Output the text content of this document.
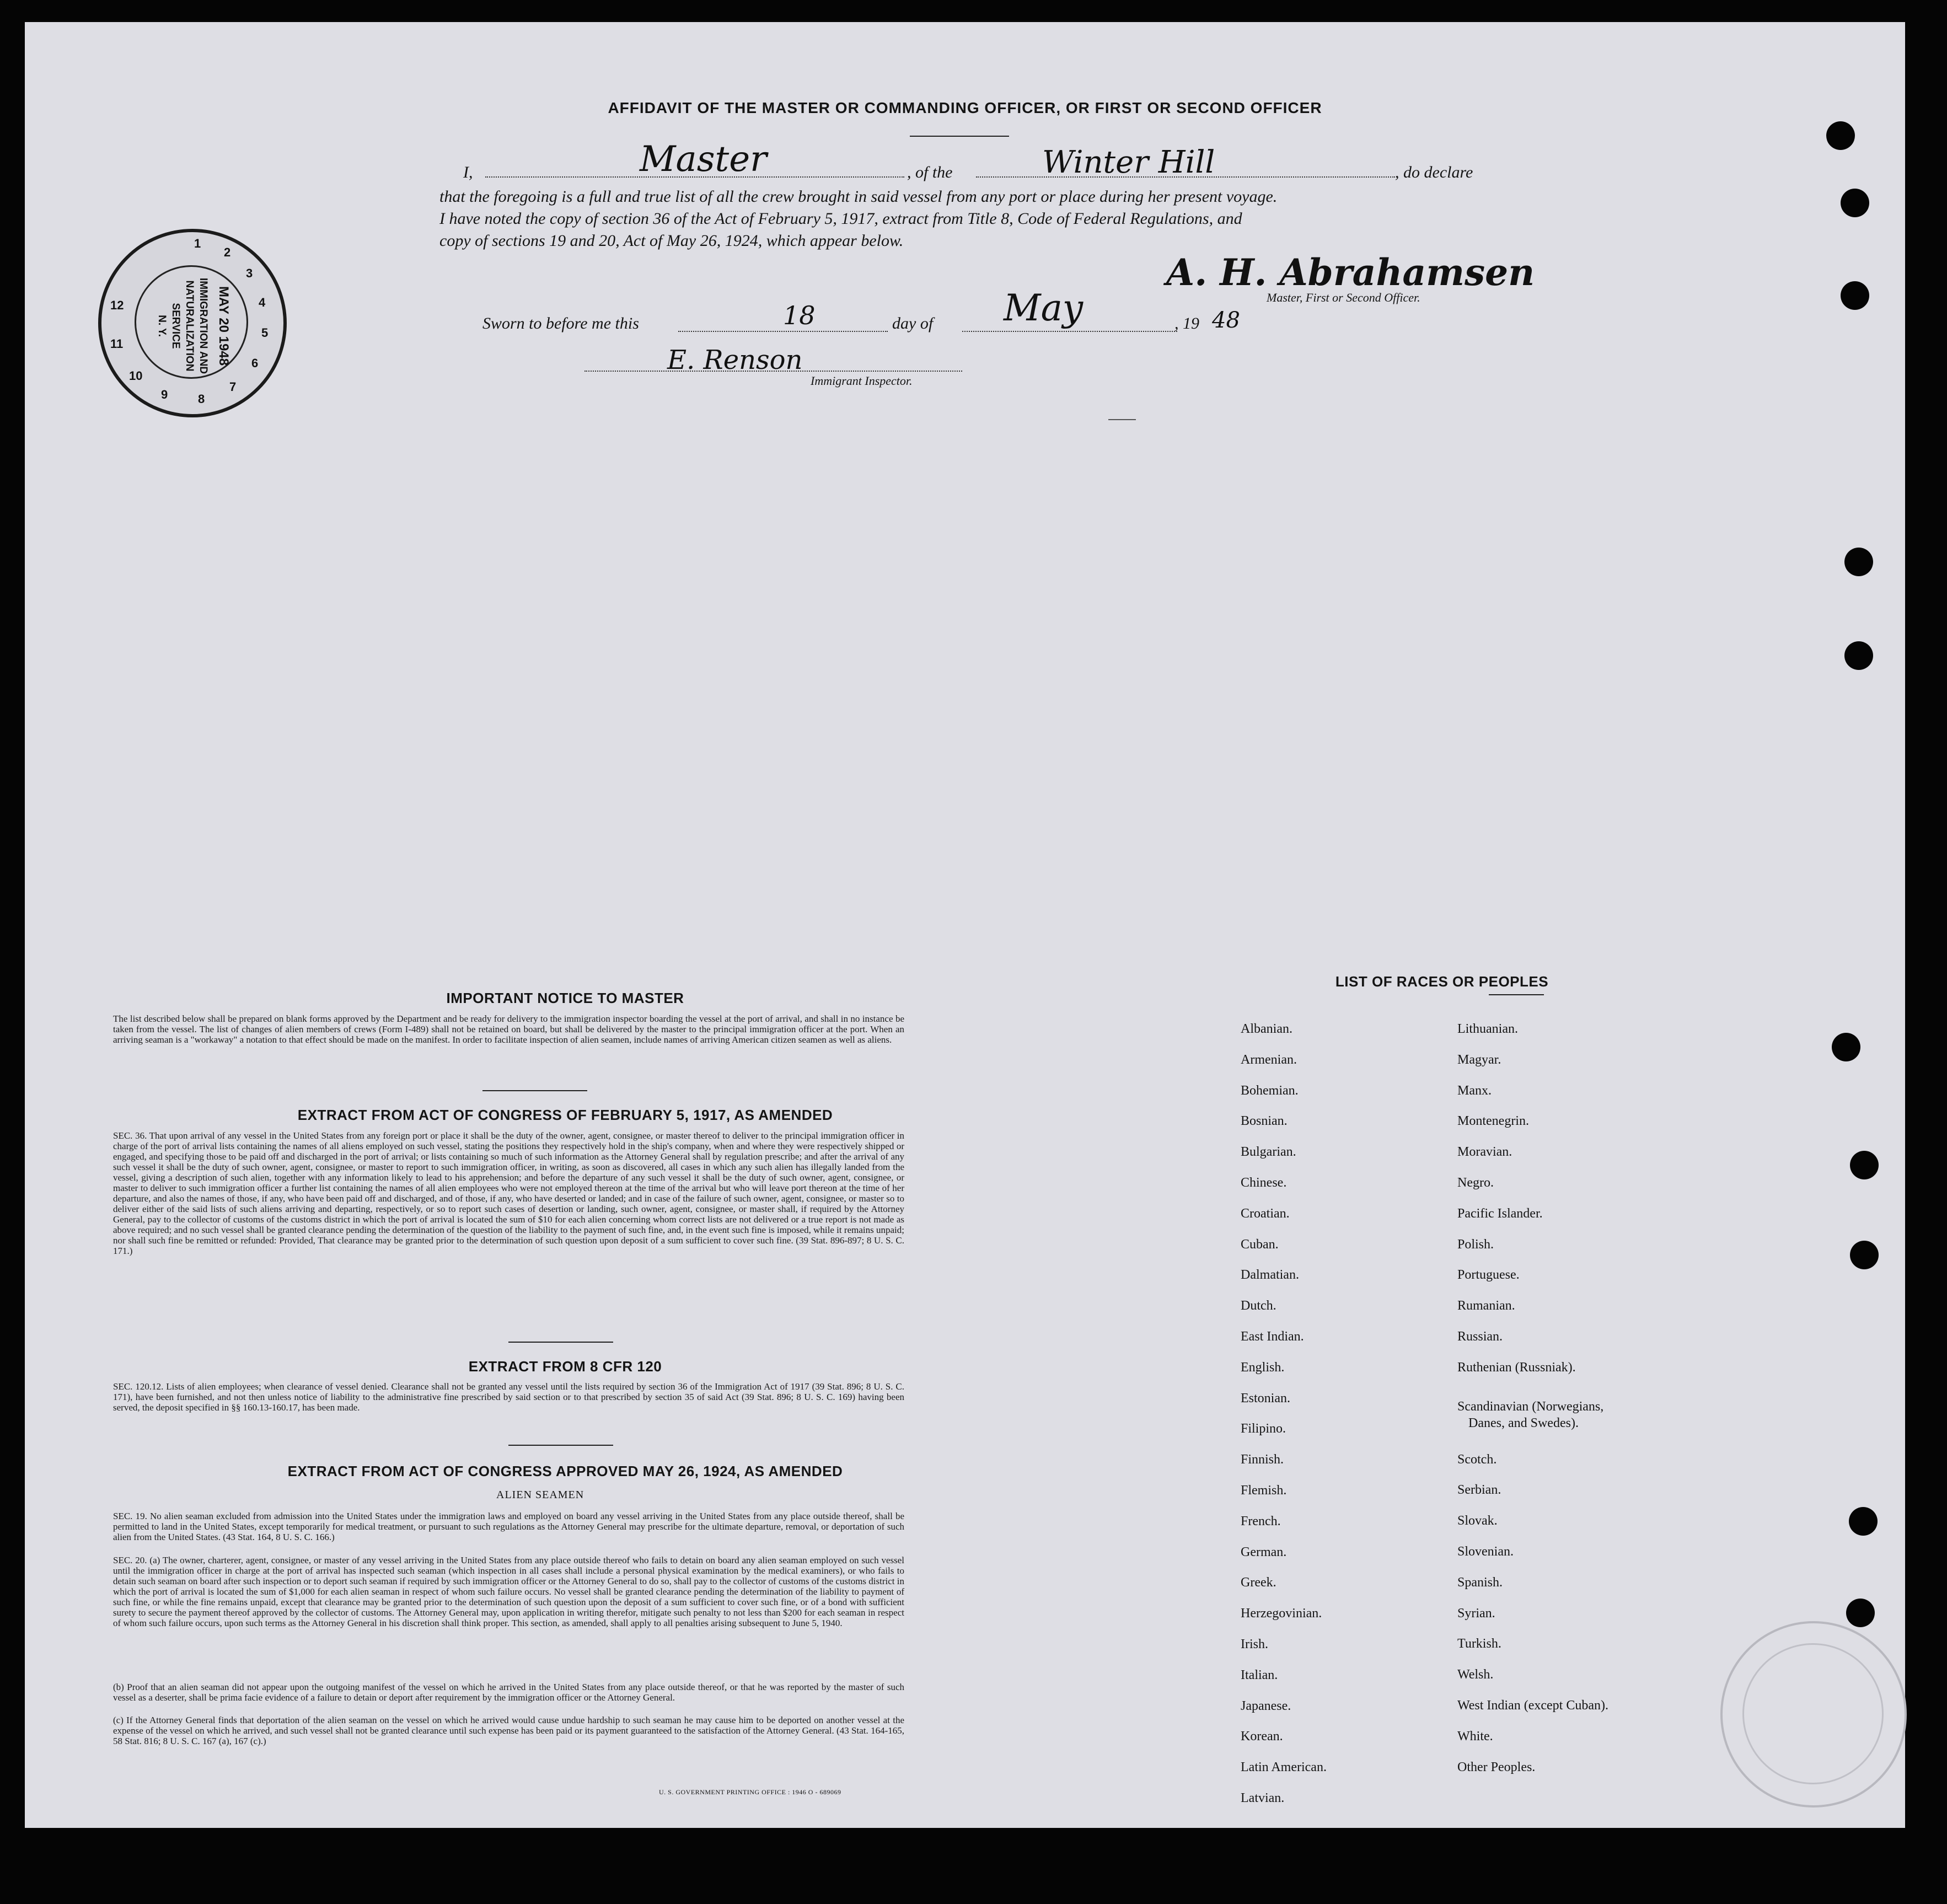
AFFIDAVIT OF THE MASTER OR COMMANDING OFFICER, OR FIRST OR SECOND OFFICER
I,	Master	, of the	Winter Hill	, do declare
that the foregoing is a full and true list of all the crew brought in said vessel from any port or place during her present voyage.
I have noted the copy of section 36 of the Act of February 5, 1917, extract from Title 8, Code of Federal Regulations, and
copy of sections 19 and 20, Act of May 26, 1924, which appear below.
A. H. Abrahamsen
Master, First or Second Officer.
Sworn to before me this	18	day of May	, 19 48
E. Renson
Immigrant Inspector.
1
2
3
4
5
6
7
8
9
10
11
12	MAY 20 1948
IMMIGRATION AND
NATURALIZATION
SERVICE
N. Y.
IMPORTANT NOTICE TO MASTER
The list described below shall be prepared on blank forms approved by the Department and be ready for delivery to the immigration inspector boarding the vessel at the port of arrival, and shall in no instance be taken from the vessel. The list of changes of alien members of crews (Form I-489) shall not be retained on board, but shall be delivered by the master to the principal immigration officer at the port. When an arriving seaman is a "workaway" a notation to that effect should be made on the manifest. In order to facilitate inspection of alien seamen, include names of arriving American citizen seamen as well as aliens.
EXTRACT FROM ACT OF CONGRESS OF FEBRUARY 5, 1917, AS AMENDED
SEC. 36. That upon arrival of any vessel in the United States from any foreign port or place it shall be the duty of the owner, agent, consignee, or master thereof to deliver to the principal immigration officer in charge of the port of arrival lists containing the names of all aliens employed on such vessel, stating the positions they respectively hold in the ship's company, when and where they were respectively shipped or engaged, and specifying those to be paid off and discharged in the port of arrival; or lists containing so much of such information as the Attorney General shall by regulation prescribe; and after the arrival of any such vessel it shall be the duty of such owner, agent, consignee, or master to report to such immigration officer, in writing, as soon as discovered, all cases in which any such alien has illegally landed from the vessel, giving a description of such alien, together with any information likely to lead to his apprehension; and before the departure of any such vessel it shall be the duty of such owner, agent, consignee, or master to deliver to such immigration officer a further list containing the names of all alien employees who were not employed thereon at the time of the arrival but who will leave port thereon at the time of her departure, and also the names of those, if any, who have been paid off and discharged, and of those, if any, who have deserted or landed; and in case of the failure of such owner, agent, consignee, or master so to deliver either of the said lists of such aliens arriving and departing, respectively, or so to report such cases of desertion or landing, such owner, agent, consignee, or master shall, if required by the Attorney General, pay to the collector of customs of the customs district in which the port of arrival is located the sum of $10 for each alien concerning whom correct lists are not delivered or a true report is not made as above required; and no such vessel shall be granted clearance pending the determination of the question of the liability to the payment of such fine, and, in the event such fine is imposed, while it remains unpaid; nor shall such fine be remitted or refunded: Provided, That clearance may be granted prior to the determination of such question upon deposit of a sum sufficient to cover such fine. (39 Stat. 896-897; 8 U. S. C. 171.)
EXTRACT FROM 8 CFR 120
SEC. 120.12. Lists of alien employees; when clearance of vessel denied. Clearance shall not be granted any vessel until the lists required by section 36 of the Immigration Act of 1917 (39 Stat. 896; 8 U. S. C. 171), have been furnished, and not then unless notice of liability to the administrative fine prescribed by said section or to that prescribed by section 35 of said Act (39 Stat. 896; 8 U. S. C. 169) having been served, the deposit specified in §§ 160.13-160.17, has been made.
EXTRACT FROM ACT OF CONGRESS APPROVED MAY 26, 1924, AS AMENDED
ALIEN SEAMEN
SEC. 19. No alien seaman excluded from admission into the United States under the immigration laws and employed on board any vessel arriving in the United States from any place outside thereof, shall be permitted to land in the United States, except temporarily for medical treatment, or pursuant to such regulations as the Attorney General may prescribe for the ultimate departure, removal, or deportation of such alien from the United States. (43 Stat. 164, 8 U. S. C. 166.)
SEC. 20. (a) The owner, charterer, agent, consignee, or master of any vessel arriving in the United States from any place outside thereof who fails to detain on board any alien seaman employed on such vessel until the immigration officer in charge at the port of arrival has inspected such seaman (which inspection in all cases shall include a personal physical examination by the medical examiners), or who fails to detain such seaman on board after such inspection or to deport such seaman if required by such immigration officer or the Attorney General to do so, shall pay to the collector of customs of the customs district in which the port of arrival is located the sum of $1,000 for each alien seaman in respect of whom such failure occurs. No vessel shall be granted clearance pending the determination of the liability to payment of such fine, or while the fine remains unpaid, except that clearance may be granted prior to the determination of such question upon the deposit of a sum sufficient to cover such fine, or of a bond with sufficient surety to secure the payment thereof approved by the collector of customs. The Attorney General may, upon application in writing therefor, mitigate such penalty to not less than $200 for each seaman in respect of whom such failure occurs, upon such terms as the Attorney General in his discretion shall think proper. This section, as amended, shall apply to all penalties arising subsequent to June 5, 1940.
(b) Proof that an alien seaman did not appear upon the outgoing manifest of the vessel on which he arrived in the United States from any place outside thereof, or that he was reported by the master of such vessel as a deserter, shall be prima facie evidence of a failure to detain or deport after requirement by the immigration officer or the Attorney General.
(c) If the Attorney General finds that deportation of the alien seaman on the vessel on which he arrived would cause undue hardship to such seaman he may cause him to be deported on another vessel at the expense of the vessel on which he arrived, and such vessel shall not be granted clearance until such expense has been paid or its payment guaranteed to the satisfaction of the Attorney General. (43 Stat. 164-165, 58 Stat. 816; 8 U. S. C. 167 (a), 167 (c).)
U. S. GOVERNMENT PRINTING OFFICE : 1946 O - 689069
LIST OF RACES OR PEOPLES
Albanian.
Armenian.
Bohemian.
Bosnian.
Bulgarian.
Chinese.
Croatian.
Cuban.
Dalmatian.
Dutch.
East Indian.
English.
Estonian.
Filipino.
Finnish.
Flemish.
French.
German.
Greek.
Herzegovinian.
Irish.
Italian.
Japanese.
Korean.
Latin American.
Latvian.
Lithuanian.
Magyar.
Manx.
Montenegrin.
Moravian.
Negro.
Pacific Islander.
Polish.
Portuguese.
Rumanian.
Russian.
Ruthenian (Russniak).
Scandinavian (Norwegians,
Danes, and Swedes).
Scotch.
Serbian.
Slovak.
Slovenian.
Spanish.
Syrian.
Turkish.
Welsh.
West Indian (except Cuban).
White.
Other Peoples.
